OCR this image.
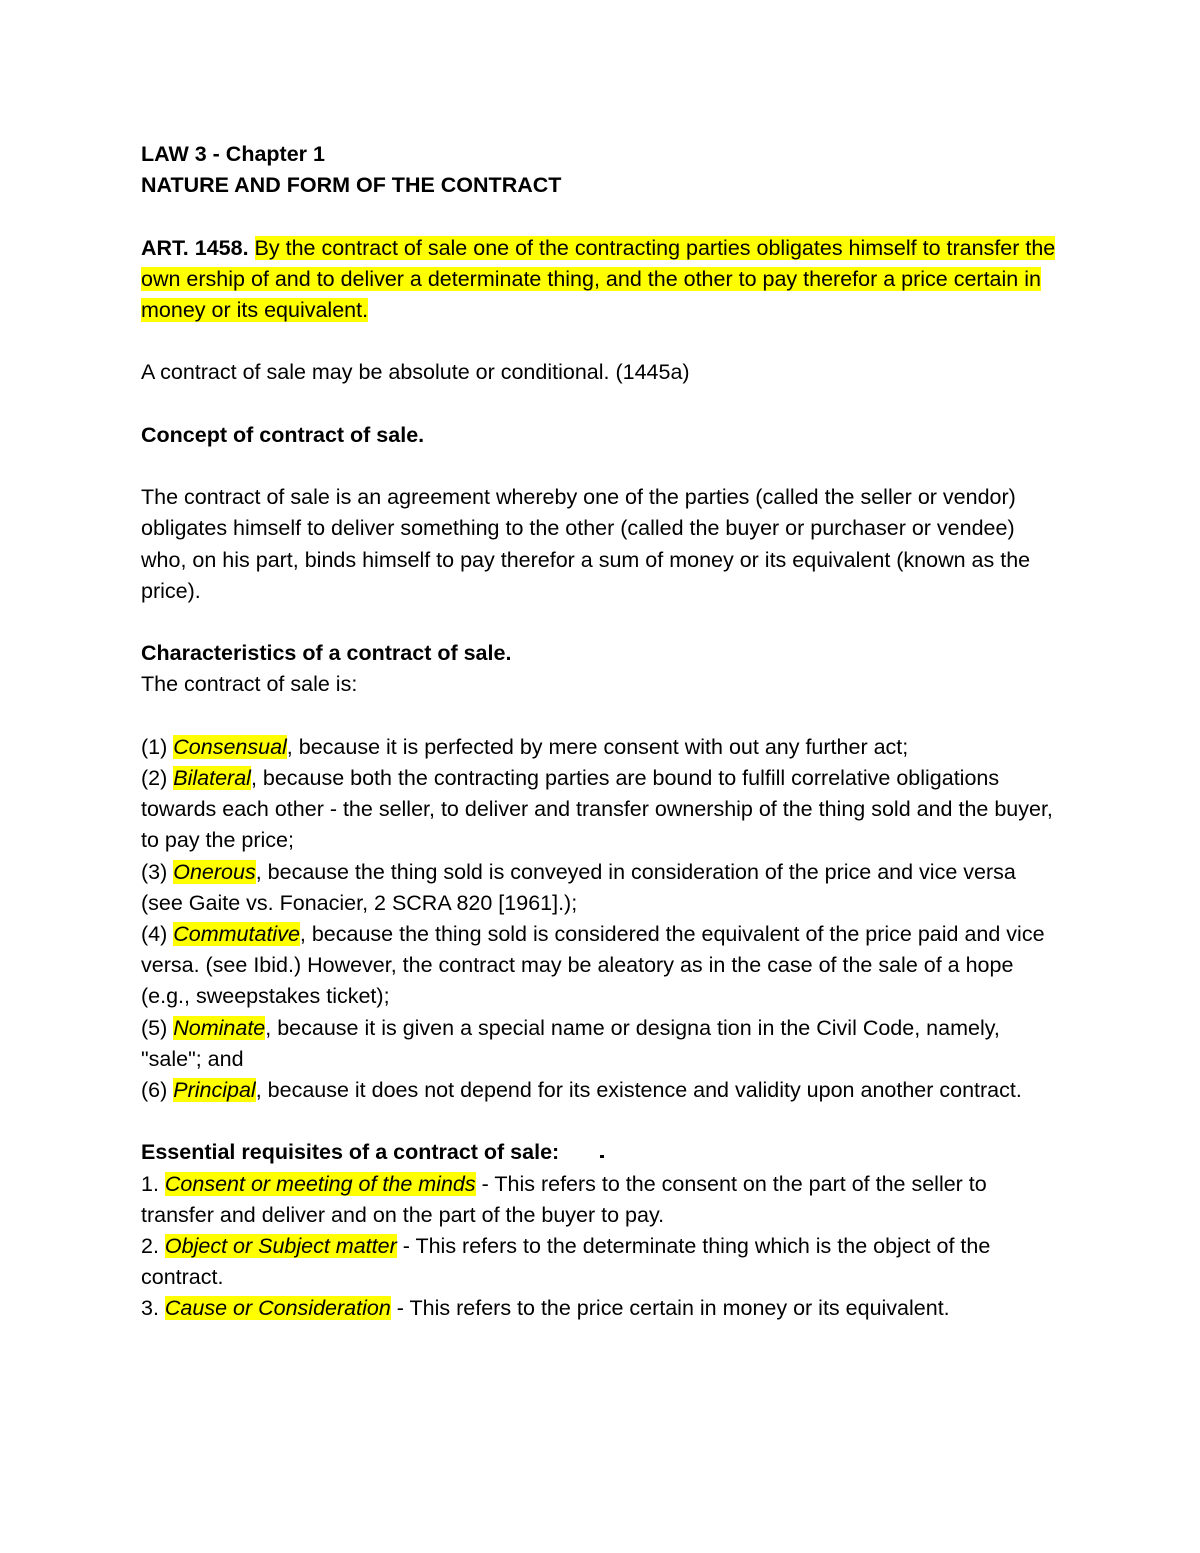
LAW 3 - Chapter 1

NATURE AND FORM OF THE CONTRACT

ART. 1458. By the contract of sale one of the contracting parties obligates himself to transfer the own ership of and to deliver a determinate thing, and the other to pay therefor a price certain in money or its equivalent.

A contract of sale may be absolute or conditional. (1445a)

Concept of contract of sale.

The contract of sale is an agreement whereby one of the parties (called the seller or vendor) obligates himself to deliver something to the other (called the buyer or purchaser or vendee) who, on his part, binds himself to pay therefor a sum of money or its equivalent (known as the price).

Characteristics of a contract of sale.

The contract of sale is:

(1) Consensual, because it is perfected by mere consent with out any further act;

(2) Bilateral, because both the contracting parties are bound to fulfill correlative obligations towards each other - the seller, to deliver and transfer ownership of the thing sold and the buyer, to pay the price;

(3) Onerous, because the thing sold is conveyed in consideration of the price and vice versa (see Gaite vs. Fonacier, 2 SCRA 820 [1961].);

(4) Commutative, because the thing sold is considered the equivalent of the price paid and vice versa. (see Ibid.) However, the contract may be aleatory as in the case of the sale of a hope (e.g., sweepstakes ticket);

(5) Nominate, because it is given a special name or designa tion in the Civil Code, namely, "sale"; and

(6) Principal, because it does not depend for its existence and validity upon another contract.

Essential requisites of a contract of sale:

1. Consent or meeting of the minds - This refers to the consent on the part of the seller to transfer and deliver and on the part of the buyer to pay.

2. Object or Subject matter - This refers to the determinate thing which is the object of the contract.

3. Cause or Consideration - This refers to the price certain in money or its equivalent.
